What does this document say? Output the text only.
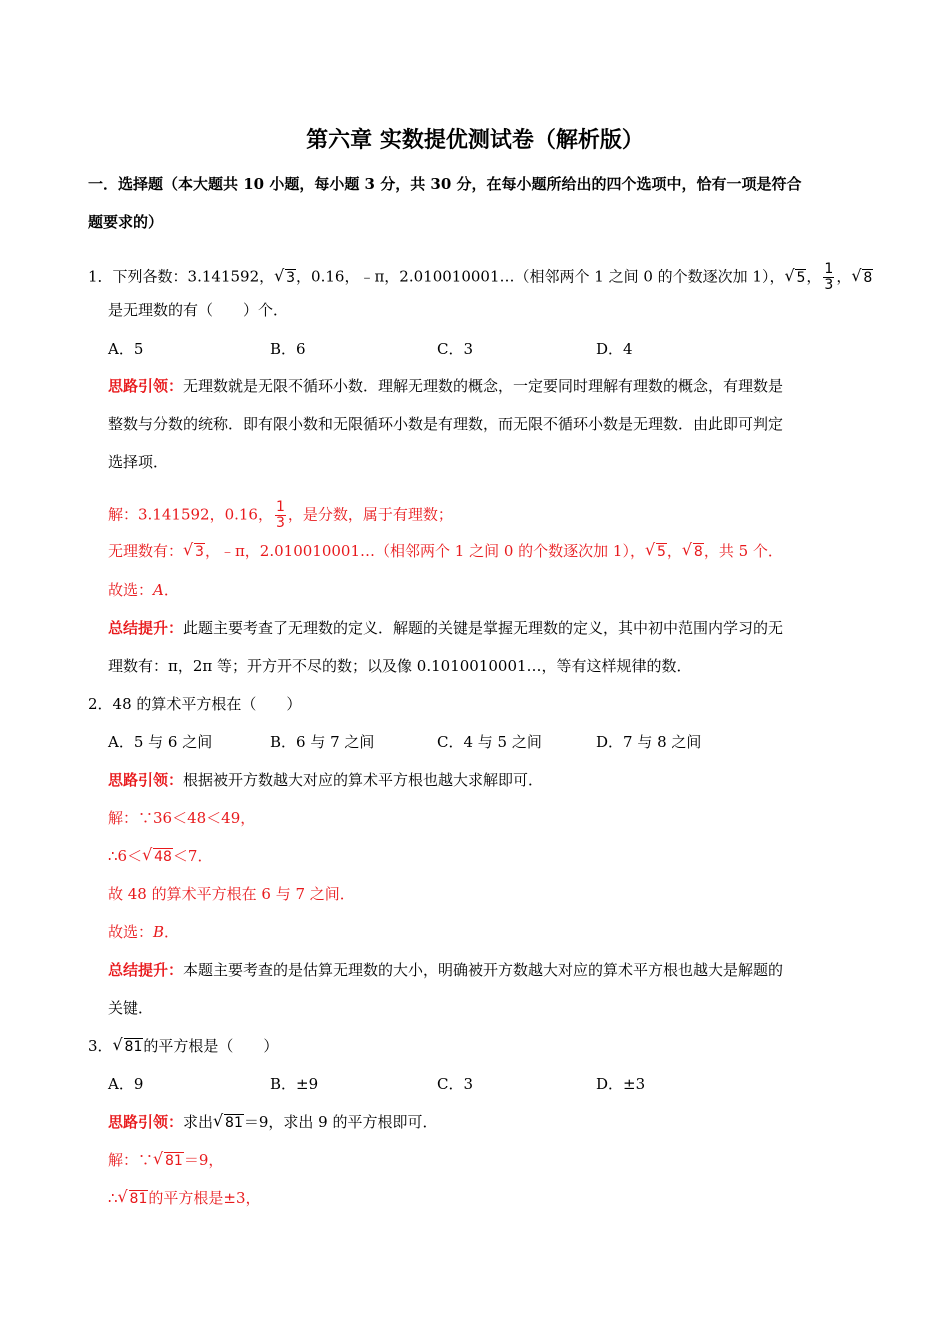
第六章 实数提优测试卷（解析版）
一．选择题（本大题共 10 小题，每小题 3 分，共 30 分，在每小题所给出的四个选项中，恰有一项是符合
题要求的）
1．下列各数：3.141592， √ 3，0.16，﹣π，2.010010001…（相邻两个 1 之间 0 的个数逐次加 1）， √ 5， $\frac{1}{3}$ ， √ 8
是无理数的有（　　）个．
A．5	B．6	C．3	D．4
思路引领：无理数就是无限不循环小数．理解无理数的概念，一定要同时理解有理数的概念，有理数是
整数与分数的统称．即有限小数和无限循环小数是有理数，而无限不循环小数是无理数．由此即可判定
选择项．
解：3.141592，0.16， $\frac{1}{3}$ ，是分数，属于有理数；
无理数有： √ 3，﹣π，2.010010001…（相邻两个 1 之间 0 的个数逐次加 1）， √ 5， √ 8，共 5 个．
故选：A．
总结提升：此题主要考查了无理数的定义．解题的关键是掌握无理数的定义，其中初中范围内学习的无
理数有：π，2π 等；开方开不尽的数；以及像 0.1010010001…，等有这样规律的数．
2．48 的算术平方根在（　　）
A．5 与 6 之间	B．6 与 7 之间	C．4 与 5 之间	D．7 与 8 之间
思路引领：根据被开方数越大对应的算术平方根也越大求解即可．
解：∵36＜48＜49，
∴6＜ √ 48＜7．
故 48 的算术平方根在 6 与 7 之间．
故选：B．
总结提升：本题主要考查的是估算无理数的大小，明确被开方数越大对应的算术平方根也越大是解题的
关键．
3． √ 81的平方根是（　　）
A．9	B．±9	C．3	D．±3
思路引领：求出 √ 81＝9，求出 9 的平方根即可．
解：∵ √ 81＝9，
∴ √ 81的平方根是±3，
